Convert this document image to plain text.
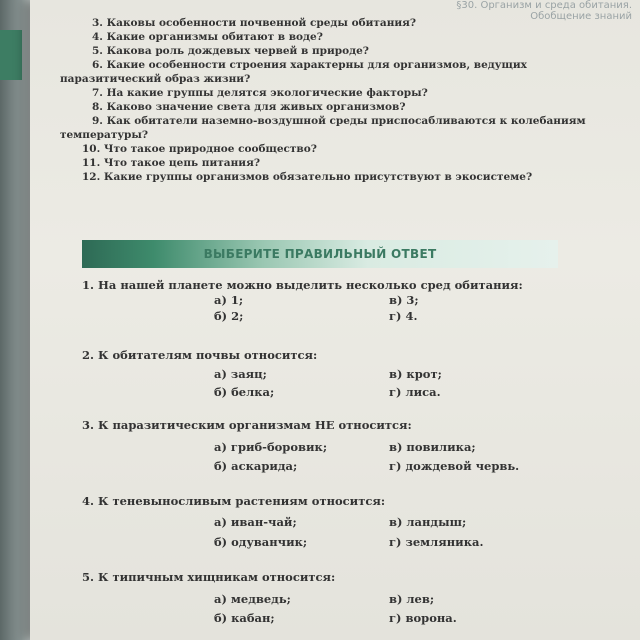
§30. Организм и среда обитания.
Обобщение знаний
3. Каковы особенности почвенной среды обитания?
4. Какие организмы обитают в воде?
5. Какова роль дождевых червей в природе?
6. Какие особенности строения характерны для организмов, ведущих паразитический образ жизни?
7. На какие группы делятся экологические факторы?
8. Каково значение света для живых организмов?
9. Как обитатели наземно-воздушной среды приспосабливаются к колебаниям температуры?
10. Что такое природное сообщество?
11. Что такое цепь питания?
12. Какие группы организмов обязательно присутствуют в экосистеме?
ВЫБЕРИТЕ ПРАВИЛЬНЫЙ ОТВЕТ
1. На нашей планете можно выделить несколько сред обитания:
а) 1;	в) 3;
б) 2;	г) 4.
2. К обитателям почвы относится:
а) заяц;	в) крот;
б) белка;	г) лиса.
3. К паразитическим организмам НЕ относится:
а) гриб-боровик;	в) повилика;
б) аскарида;	г) дождевой червь.
4. К теневыносливым растениям относится:
а) иван-чай;	в) ландыш;
б) одуванчик;	г) земляника.
5. К типичным хищникам относится:
а) медведь;	в) лев;
б) кабан;	г) ворона.
